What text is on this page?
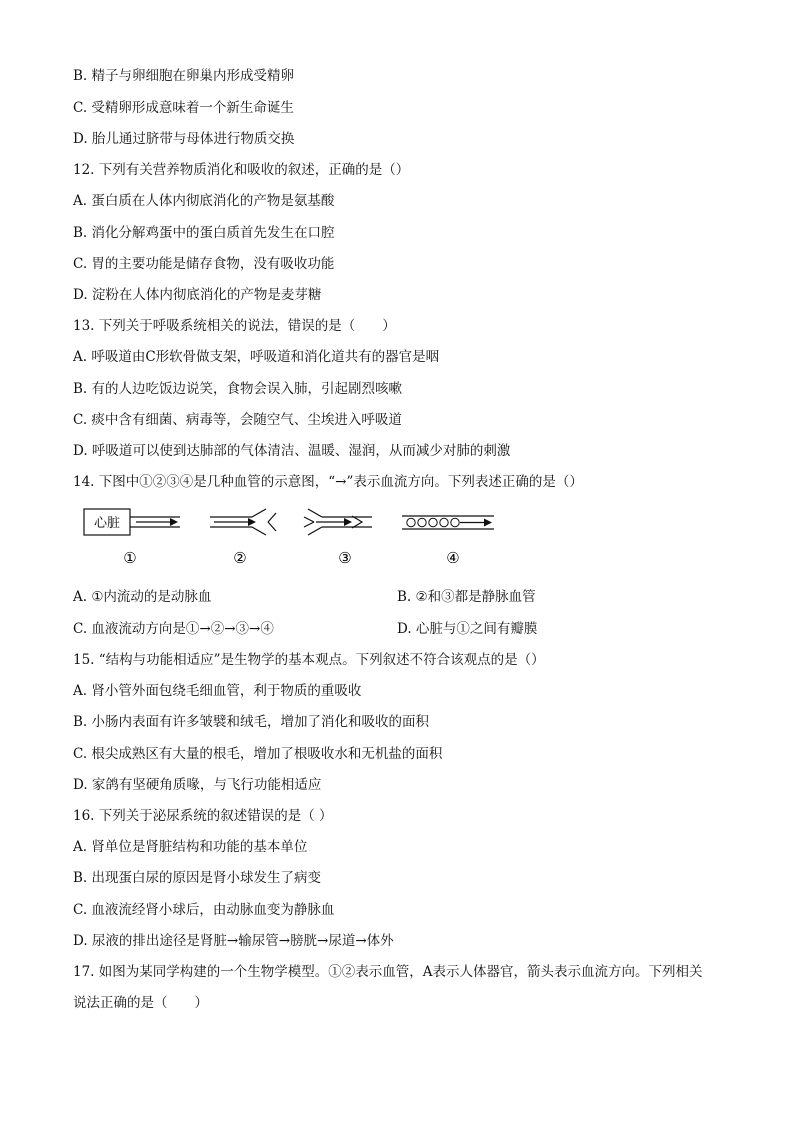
B. 精子与卵细胞在卵巢内形成受精卵
C. 受精卵形成意味着一个新生命诞生
D. 胎儿通过脐带与母体进行物质交换
12. 下列有关营养物质消化和吸收的叙述，正确的是（）
A. 蛋白质在人体内彻底消化的产物是氨基酸
B. 消化分解鸡蛋中的蛋白质首先发生在口腔
C. 胃的主要功能是储存食物，没有吸收功能
D. 淀粉在人体内彻底消化的产物是麦芽糖
13. 下列关于呼吸系统相关的说法，错误的是（　　）
A. 呼吸道由C形软骨做支架，呼吸道和消化道共有的器官是咽
B. 有的人边吃饭边说笑，食物会误入肺，引起剧烈咳嗽
C. 痰中含有细菌、病毒等，会随空气、尘埃进入呼吸道
D. 呼吸道可以使到达肺部的气体清洁、温暖、湿润，从而减少对肺的刺激
14. 下图中①②③④是几种血管的示意图，“→”表示血流方向。下列表述正确的是（）
心脏
①	②	③	④
A. ①内流动的是动脉血	B. ②和③都是静脉血管
C. 血液流动方向是①→②→③→④	D. 心脏与①之间有瓣膜
15. “结构与功能相适应”是生物学的基本观点。下列叙述不符合该观点的是（）
A. 肾小管外面包绕毛细血管，利于物质的重吸收
B. 小肠内表面有许多皱襞和绒毛，增加了消化和吸收的面积
C. 根尖成熟区有大量的根毛，增加了根吸收水和无机盐的面积
D. 家鸽有坚硬角质喙，与飞行功能相适应
16. 下列关于泌尿系统的叙述错误的是（ ）
A. 肾单位是肾脏结构和功能的基本单位
B. 出现蛋白尿的原因是肾小球发生了病变
C. 血液流经肾小球后，由动脉血变为静脉血
D. 尿液的排出途径是肾脏→输尿管→膀胱→尿道→体外
17. 如图为某同学构建的一个生物学模型。①②表示血管，A表示人体器官，箭头表示血流方向。下列相关
说法正确的是（　　）
